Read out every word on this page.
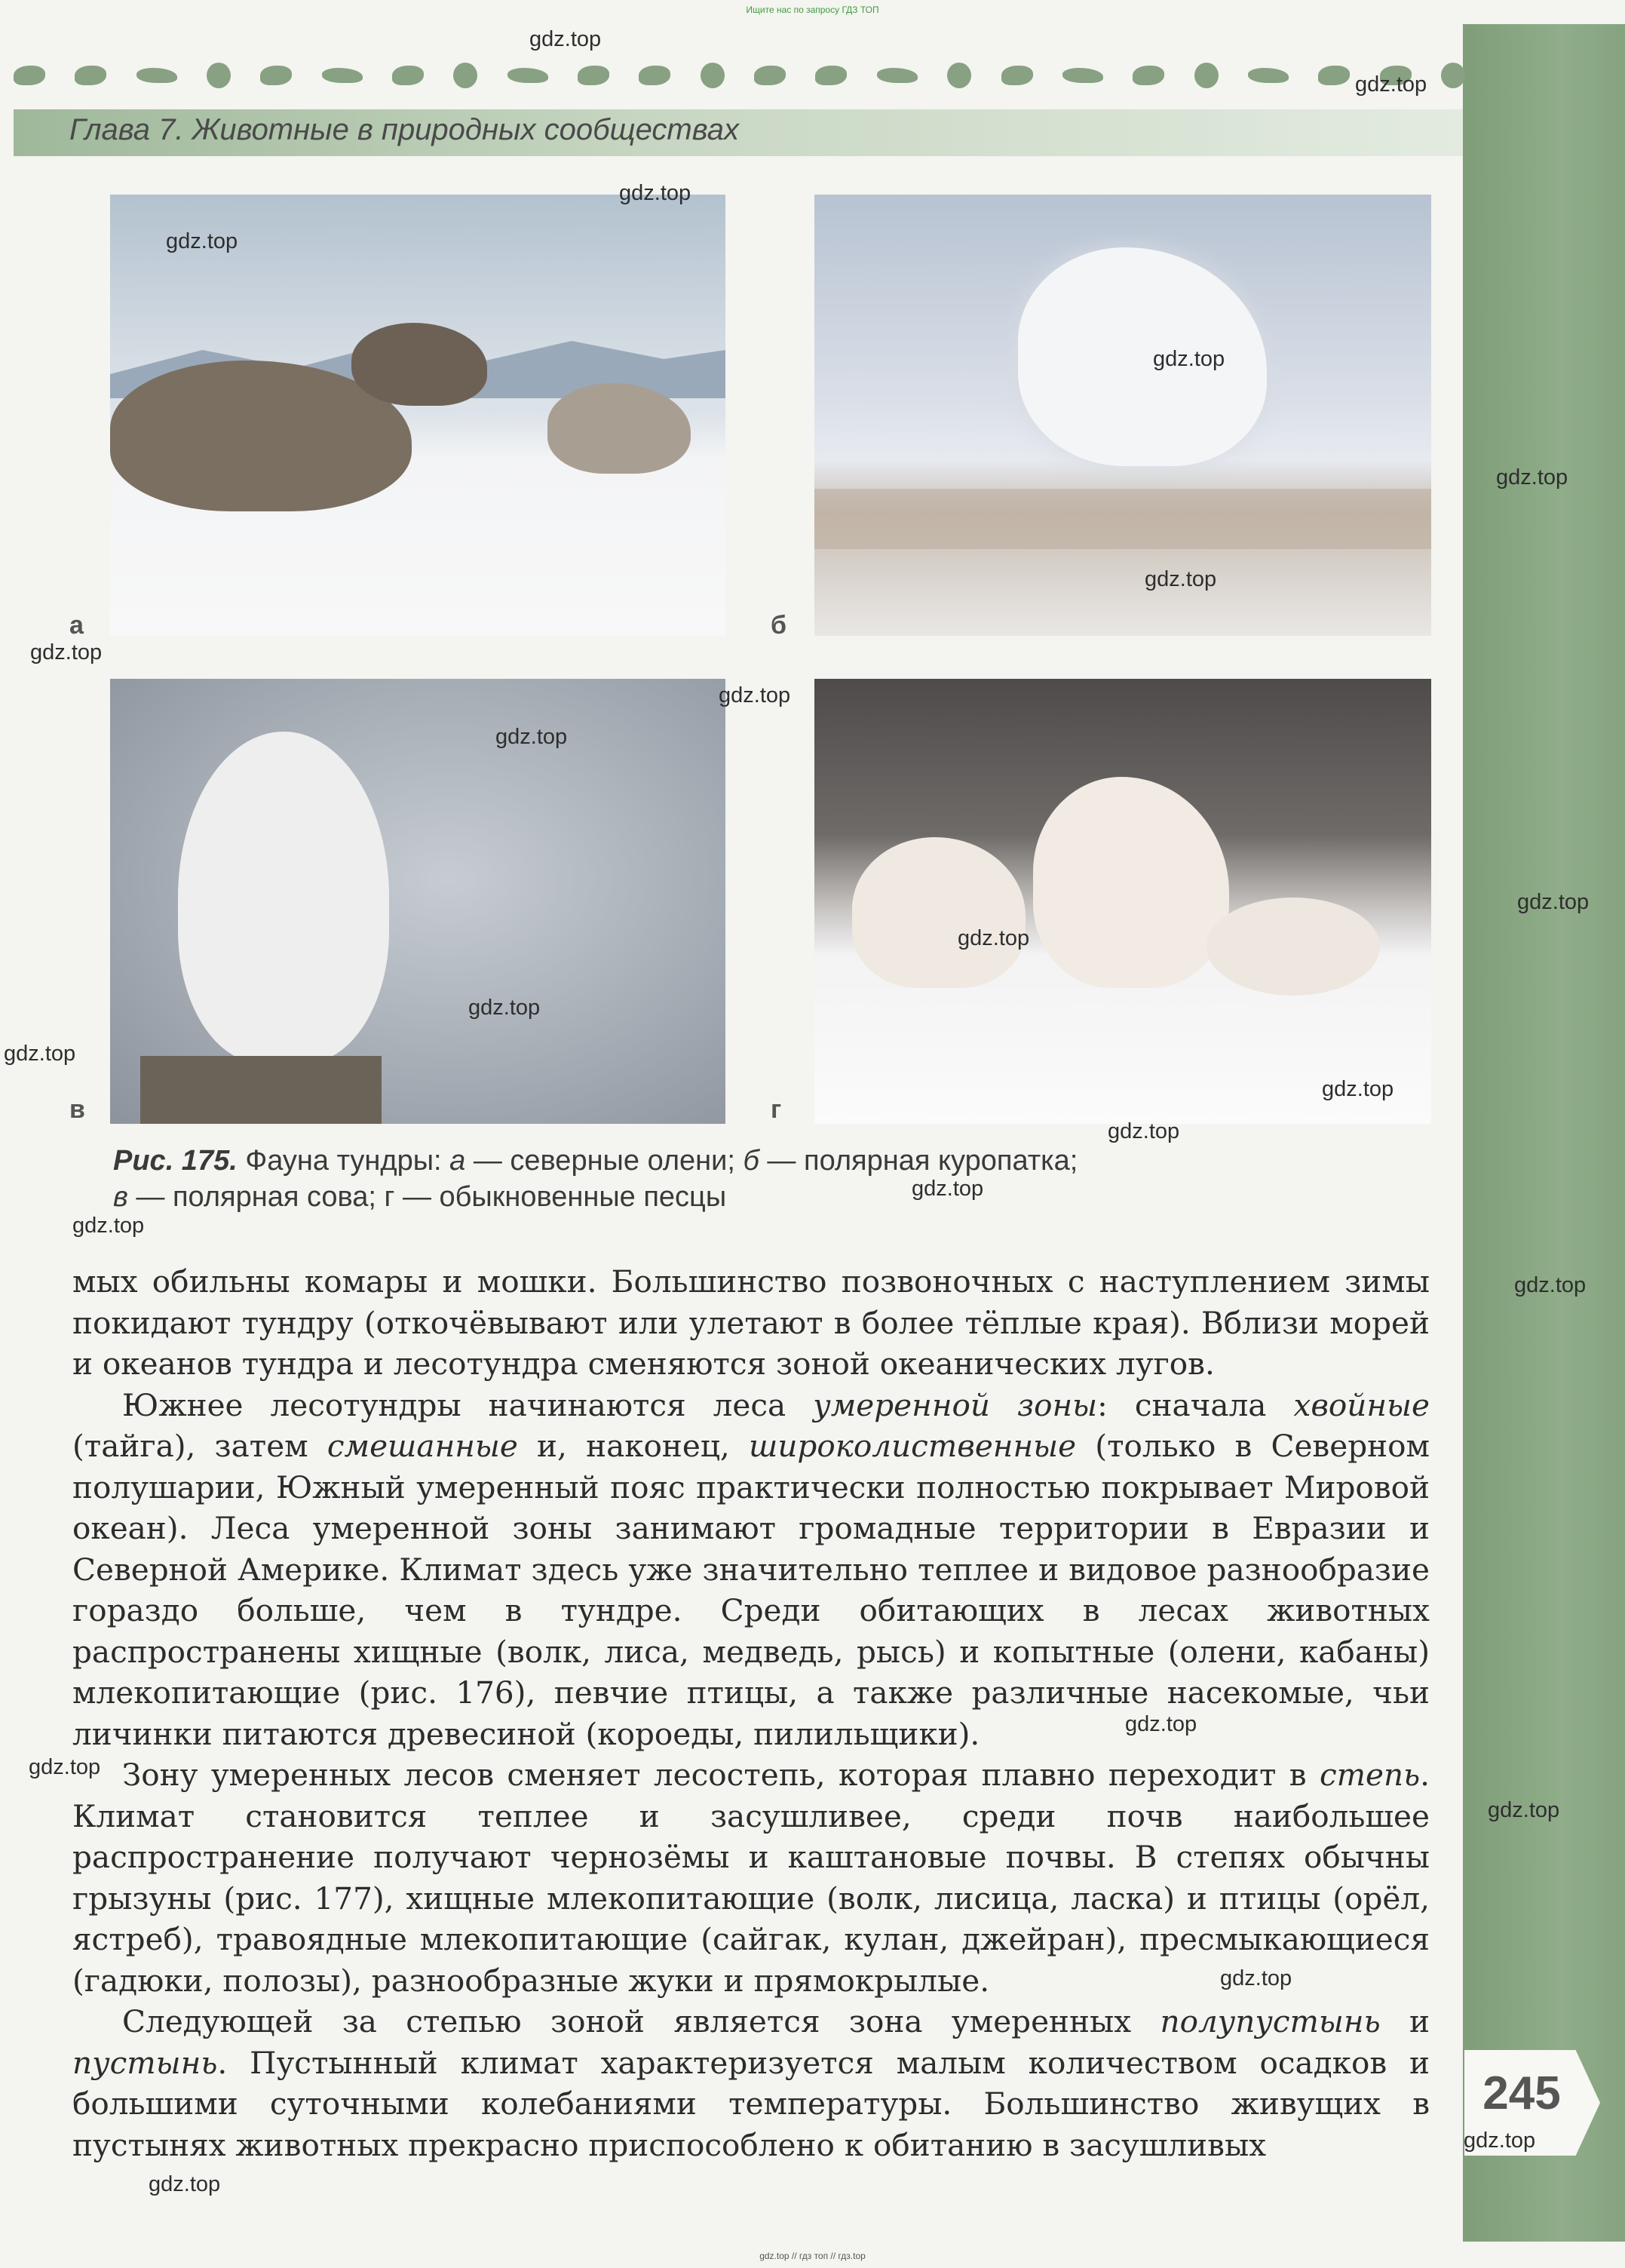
Ищите нас по запросу ГДЗ ТОП
245
Глава 7. Животные в природных сообществах
а	б
в	г

Рис. 175. Фауна тундры: а — северные олени; б — полярная куропатка;

в — полярная сова; г — обыкновенные песцы

мых обильны комары и мошки. Большинство позвоночных с наступлением зимы покидают тундру (откочёвывают или улетают в более тёплые края). Вблизи морей и океанов тундра и лесотундра сменяются зоной океанических лугов.

Южнее лесотундры начинаются леса умеренной зоны: сначала хвойные (тайга), затем смешанные и, наконец, широколиственные (только в Северном полушарии, Южный умеренный пояс практически полностью покрывает Мировой океан). Леса умеренной зоны занимают громадные территории в Евразии и Северной Америке. Климат здесь уже значительно теплее и видовое разнообразие гораздо больше, чем в тундре. Среди обитающих в лесах животных распространены хищные (волк, лиса, медведь, рысь) и копытные (олени, кабаны) млекопитающие (рис. 176), певчие птицы, а также различные насекомые, чьи личинки питаются древесиной (короеды, пилильщики).

Зону умеренных лесов сменяет лесостепь, которая плавно переходит в степь. Климат становится теплее и засушливее, среди почв наибольшее распространение получают чернозёмы и каштановые почвы. В степях обычны грызуны (рис. 177), хищные млекопитающие (волк, лисица, ласка) и птицы (орёл, ястреб), травоядные млекопитающие (сайгак, кулан, джейран), пресмыкающиеся (гадюки, полозы), разнообразные жуки и прямокрылые.

Следующей за степью зоной является зона умеренных полупустынь и пустынь. Пустынный климат характеризуется малым количеством осадков и большими суточными колебаниями температуры. Большинство живущих в пустынях животных прекрасно приспособлено к обитанию в засушливых

gdz.top
gdz.top
gdz.top
gdz.top
gdz.top
gdz.top
gdz.top
gdz.top
gdz.top
gdz.top
gdz.top
gdz.top
gdz.top
gdz.top
gdz.top
gdz.top
gdz.top
gdz.top
gdz.top
gdz.top
gdz.top
gdz.top
gdz.top
gdz.top
gdz.top
gdz.top // гдз топ // гдз.top
